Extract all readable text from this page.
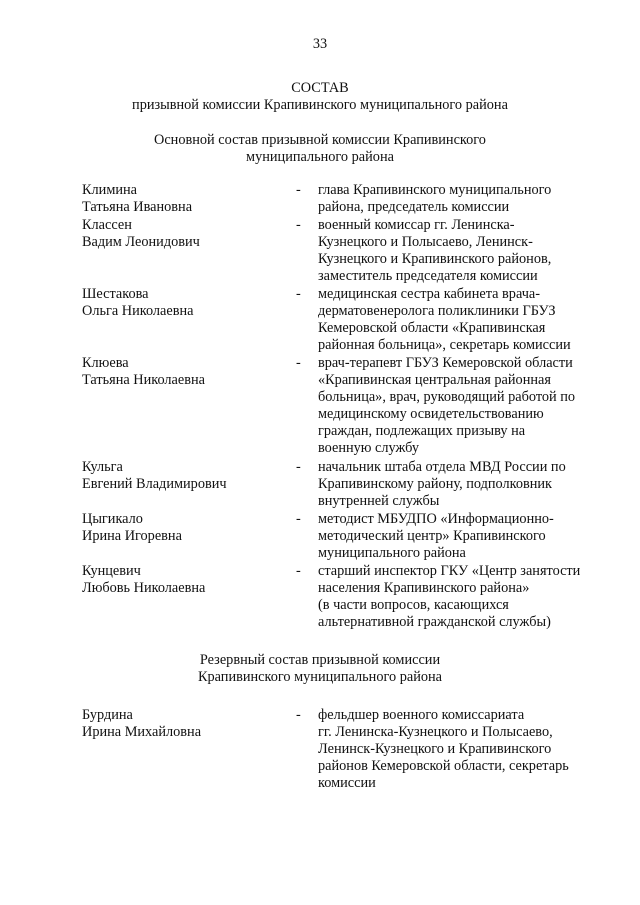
33
СОСТАВ
призывной комиссии Крапивинского муниципального района
Основной состав призывной комиссии Крапивинского
муниципального района
Климина
Татьяна Ивановна
- глава Крапивинского муниципального
района, председатель комиссии
Классен
Вадим Леонидович
- военный комиссар гг. Ленинска-
Кузнецкого и Полысаево, Ленинск-
Кузнецкого и Крапивинского районов,
заместитель председателя комиссии
Шестакова
Ольга Николаевна
- медицинская сестра кабинета врача-
дерматовенеролога поликлиники ГБУЗ
Кемеровской области «Крапивинская
районная больница», секретарь комиссии
Клюева
Татьяна Николаевна
- врач-терапевт ГБУЗ Кемеровской области
«Крапивинская центральная районная
больница», врач, руководящий работой по
медицинскому освидетельствованию
граждан, подлежащих призыву на
военную службу
Кульга
Евгений Владимирович
- начальник штаба отдела МВД России по
Крапивинскому району, подполковник
внутренней службы
Цыгикало
Ирина Игоревна
- методист МБУДПО «Информационно-
методический центр» Крапивинского
муниципального района
Кунцевич
Любовь Николаевна
- старший инспектор ГКУ «Центр занятости
населения Крапивинского района»
(в части вопросов, касающихся
альтернативной гражданской службы)
Резервный состав призывной комиссии
Крапивинского муниципального района
Бурдина
Ирина Михайловна
- фельдшер военного комиссариата
гг. Ленинска-Кузнецкого и Полысаево,
Ленинск-Кузнецкого и Крапивинского
районов Кемеровской области, секретарь
комиссии
